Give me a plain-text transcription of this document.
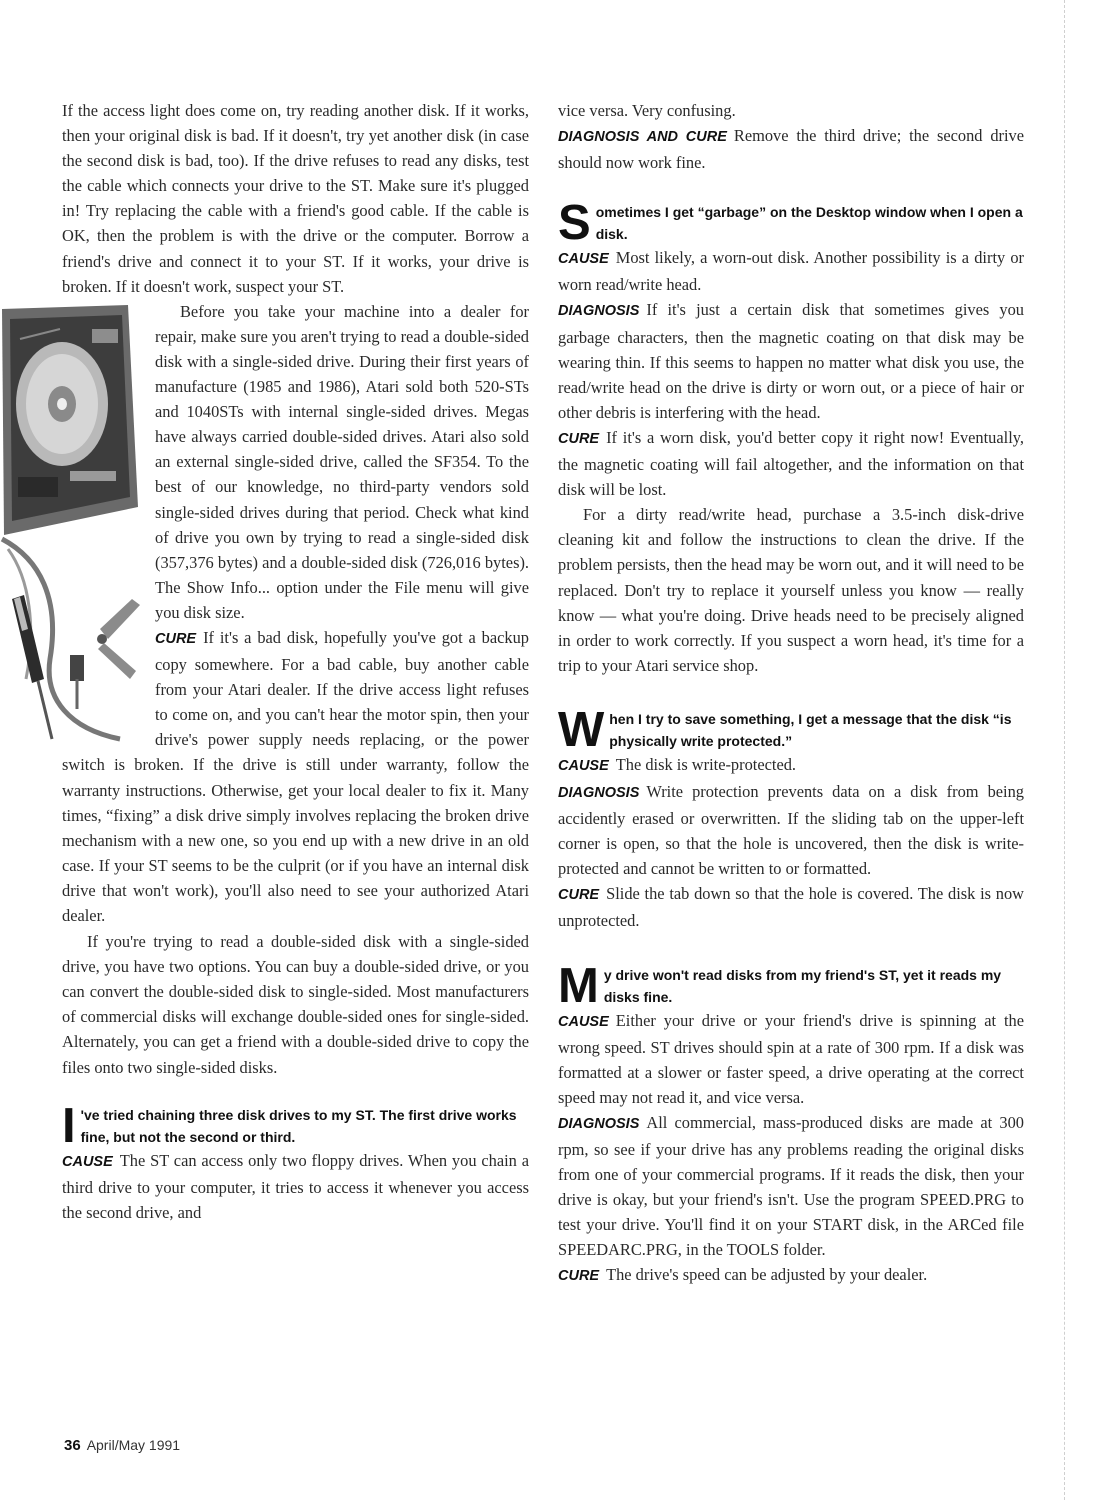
If the access light does come on, try reading another disk. If it works, then your original disk is bad. If it doesn't, try yet another disk (in case the second disk is bad, too). If the drive refuses to read any disks, test the cable which connects your drive to the ST. Make sure it's plugged in! Try replacing the cable with a friend's good cable. If the cable is OK, then the problem is with the drive or the computer. Borrow a friend's drive and connect it to your ST. If it works, your drive is broken. If it doesn't work, suspect your ST.

Before you take your machine into a dealer for repair, make sure you aren't trying to read a double-sided disk with a single-sided drive. During their first years of manufacture (1985 and 1986), Atari sold both 520-STs and 1040STs with internal single-sided drives. Megas have always carried double-sided drives. Atari also sold an external single-sided drive, called the SF354. To the best of our knowledge, no third-party vendors sold single-sided drives during that period. Check what kind of drive you own by trying to read a single-sided disk (357,376 bytes) and a double-sided disk (726,016 bytes). The Show Info... option under the File menu will give you disk size.

CURE If it's a bad disk, hopefully you've got a backup copy somewhere. For a bad cable, buy another cable from your Atari dealer. If the drive access light refuses to come on, and you can't hear the motor spin, then your drive's power supply needs replacing, or the power switch is broken. If the drive is still under warranty, follow the warranty instructions. Otherwise, get your local dealer to fix it. Many times, “fixing” a disk drive simply involves replacing the broken drive mechanism with a new one, so you end up with a new drive in an old case. If your ST seems to be the culprit (or if you have an internal disk drive that won't work), you'll also need to see your authorized Atari dealer.

If you're trying to read a double-sided disk with a single-sided drive, you have two options. You can buy a double-sided drive, or you can convert the double-sided disk to single-sided. Most manufacturers of commercial disks will exchange double-sided ones for single-sided. Alternately, you can get a friend with a double-sided drive to copy the files onto two single-sided disks.

I 've tried chaining three disk drives to my ST. The first drive works fine, but not the second or third.

CAUSE The ST can access only two floppy drives. When you chain a third drive to your computer, it tries to access it whenever you access the second drive, and

vice versa. Very confusing.

DIAGNOSIS AND CURE Remove the third drive; the second drive should now work fine.

Sometimes I get “garbage” on the Desktop window when I open a disk.

CAUSE Most likely, a worn-out disk. Another possibility is a dirty or worn read/write head.

DIAGNOSIS If it's just a certain disk that sometimes gives you garbage characters, then the magnetic coating on that disk may be wearing thin. If this seems to happen no matter what disk you use, the read/write head on the drive is dirty or worn out, or a piece of hair or other debris is interfering with the head.

CURE If it's a worn disk, you'd better copy it right now! Eventually, the magnetic coating will fail altogether, and the information on that disk will be lost.

For a dirty read/write head, purchase a 3.5-inch disk-drive cleaning kit and follow the instructions to clean the drive. If the problem persists, then the head may be worn out, and it will need to be replaced. Don't try to replace it yourself unless you know — really know — what you're doing. Drive heads need to be precisely aligned in order to work correctly. If you suspect a worn head, it's time for a trip to your Atari service shop.

When I try to save something, I get a message that the disk “is physically write protected.”

CAUSE The disk is write-protected.

DIAGNOSIS Write protection prevents data on a disk from being accidently erased or overwritten. If the sliding tab on the upper-left corner is open, so that the hole is uncovered, then the disk is write-protected and cannot be written to or formatted.

CURE Slide the tab down so that the hole is covered. The disk is now unprotected.

My drive won't read disks from my friend's ST, yet it reads my disks fine.

CAUSE Either your drive or your friend's drive is spinning at the wrong speed. ST drives should spin at a rate of 300 rpm. If a disk was formatted at a slower or faster speed, a drive operating at the correct speed may not read it, and vice versa.

DIAGNOSIS All commercial, mass-produced disks are made at 300 rpm, so see if your drive has any problems reading the original disks from one of your commercial programs. If it reads the disk, then your drive is okay, but your friend's isn't. Use the program SPEED.PRG to test your drive. You'll find it on your START disk, in the ARCed file SPEEDARC.PRG, in the TOOLS folder.

CURE The drive's speed can be adjusted by your dealer.

36 April/May 1991
